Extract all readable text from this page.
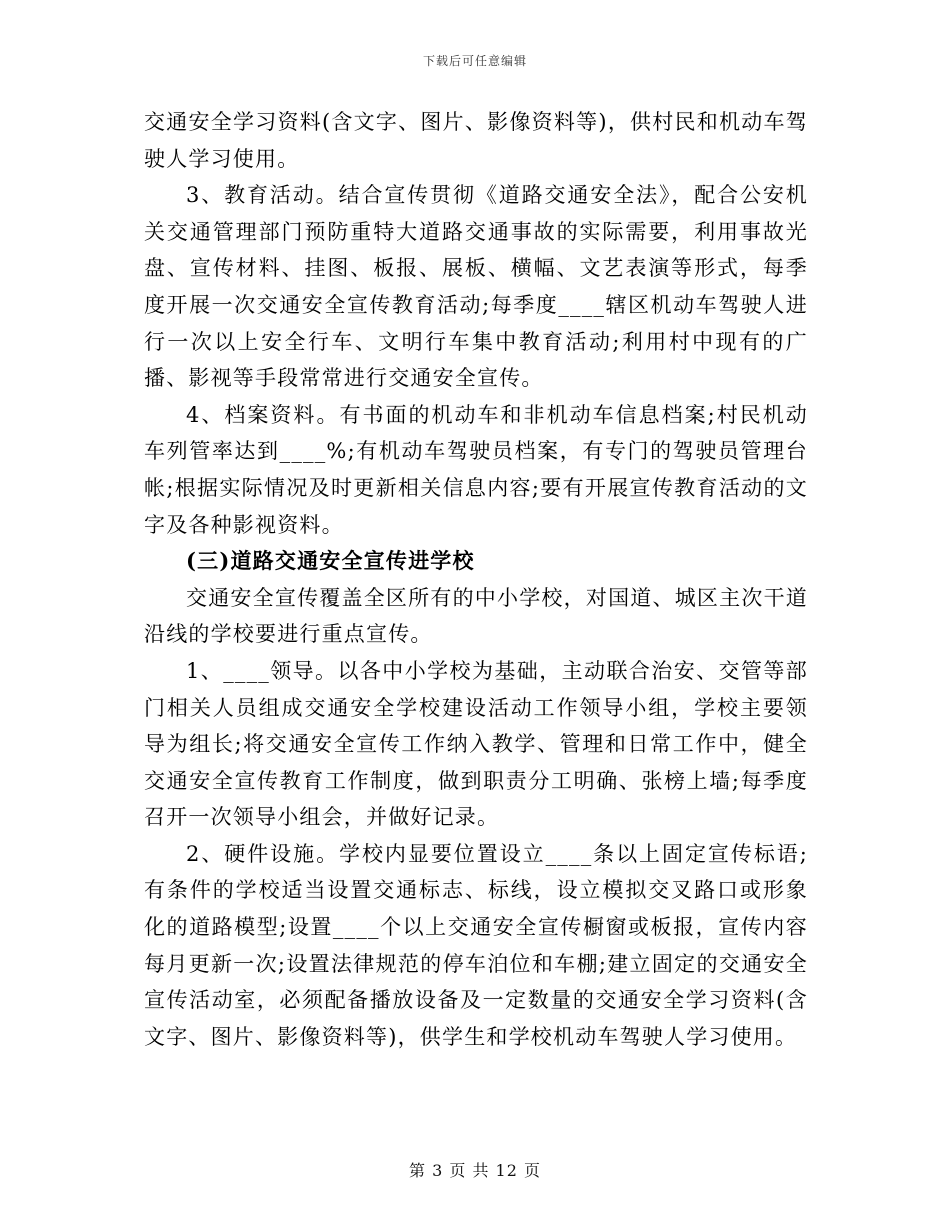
下载后可任意编辑

交通安全学习资料(含文字、图片、影像资料等)，供村民和机动车驾驶人学习使用。

3、教育活动。结合宣传贯彻《道路交通安全法》，配合公安机关交通管理部门预防重特大道路交通事故的实际需要，利用事故光盘、宣传材料、挂图、板报、展板、横幅、文艺表演等形式，每季度开展一次交通安全宣传教育活动;每季度____辖区机动车驾驶人进行一次以上安全行车、文明行车集中教育活动;利用村中现有的广播、影视等手段常常进行交通安全宣传。

4、档案资料。有书面的机动车和非机动车信息档案;村民机动车列管率达到____%;有机动车驾驶员档案，有专门的驾驶员管理台帐;根据实际情况及时更新相关信息内容;要有开展宣传教育活动的文字及各种影视资料。

(三)道路交通安全宣传进学校

交通安全宣传覆盖全区所有的中小学校，对国道、城区主次干道沿线的学校要进行重点宣传。

1、____领导。以各中小学校为基础，主动联合治安、交管等部门相关人员组成交通安全学校建设活动工作领导小组，学校主要领导为组长;将交通安全宣传工作纳入教学、管理和日常工作中，健全交通安全宣传教育工作制度，做到职责分工明确、张榜上墙;每季度召开一次领导小组会，并做好记录。

2、硬件设施。学校内显要位置设立____条以上固定宣传标语;有条件的学校适当设置交通标志、标线，设立模拟交叉路口或形象化的道路模型;设置____个以上交通安全宣传橱窗或板报，宣传内容每月更新一次;设置法律规范的停车泊位和车棚;建立固定的交通安全宣传活动室，必须配备播放设备及一定数量的交通安全学习资料(含文字、图片、影像资料等)，供学生和学校机动车驾驶人学习使用。

第 3 页 共 12 页
